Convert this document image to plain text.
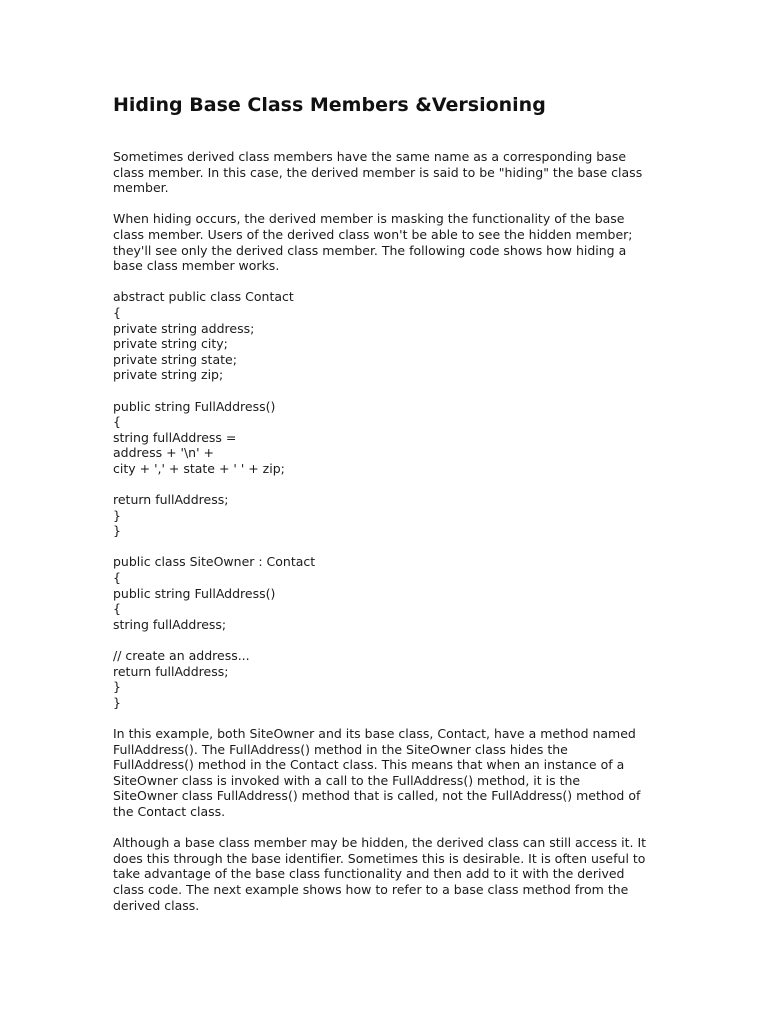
Hiding Base Class Members &Versioning
Sometimes derived class members have the same name as a corresponding base
class member. In this case, the derived member is said to be "hiding" the base class
member.
When hiding occurs, the derived member is masking the functionality of the base
class member. Users of the derived class won't be able to see the hidden member;
they'll see only the derived class member. The following code shows how hiding a
base class member works.
abstract public class Contact
{
private string address;
private string city;
private string state;
private string zip;
public string FullAddress()
{
string fullAddress =
address + '\n' +
city + ',' + state + ' ' + zip;
return fullAddress;
}
}
public class SiteOwner : Contact
{
public string FullAddress()
{
string fullAddress;
// create an address...
return fullAddress;
}
}
In this example, both SiteOwner and its base class, Contact, have a method named
FullAddress(). The FullAddress() method in the SiteOwner class hides the
FullAddress() method in the Contact class. This means that when an instance of a
SiteOwner class is invoked with a call to the FullAddress() method, it is the
SiteOwner class FullAddress() method that is called, not the FullAddress() method of
the Contact class.
Although a base class member may be hidden, the derived class can still access it. It
does this through the base identifier. Sometimes this is desirable. It is often useful to
take advantage of the base class functionality and then add to it with the derived
class code. The next example shows how to refer to a base class method from the
derived class.
